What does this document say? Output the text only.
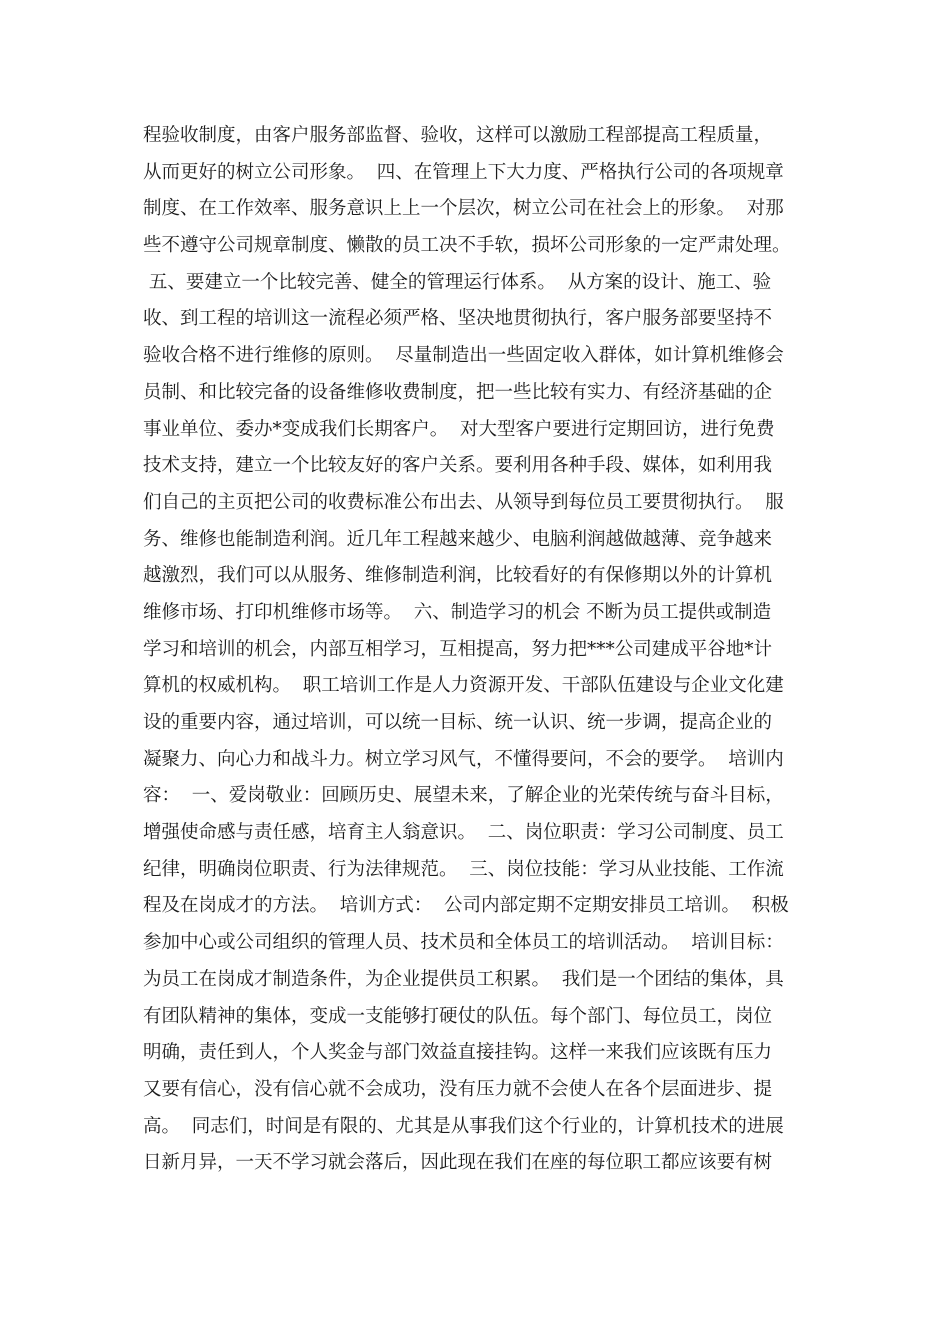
程验收制度，由客户服务部监督、验收，这样可以激励工程部提高工程质量，
从而更好的树立公司形象。  四、在管理上下大力度、严格执行公司的各项规章
制度、在工作效率、服务意识上上一个层次，树立公司在社会上的形象。  对那
些不遵守公司规章制度、懒散的员工决不手软，损坏公司形象的一定严肃处理。
五、要建立一个比较完善、健全的管理运行体系。  从方案的设计、施工、验
收、到工程的培训这一流程必须严格、坚决地贯彻执行，客户服务部要坚持不
验收合格不进行维修的原则。  尽量制造出一些固定收入群体，如计算机维修会
员制、和比较完备的设备维修收费制度，把一些比较有实力、有经济基础的企
事业单位、委办*变成我们长期客户。  对大型客户要进行定期回访，进行免费
技术支持，建立一个比较友好的客户关系。要利用各种手段、媒体，如利用我
们自己的主页把公司的收费标准公布出去、从领导到每位员工要贯彻执行。  服
务、维修也能制造利润。近几年工程越来越少、电脑利润越做越薄、竞争越来
越激烈，我们可以从服务、维修制造利润，比较看好的有保修期以外的计算机
维修市场、打印机维修市场等。  六、制造学习的机会 不断为员工提供或制造
学习和培训的机会，内部互相学习，互相提高，努力把***公司建成平谷地*计
算机的权威机构。  职工培训工作是人力资源开发、干部队伍建设与企业文化建
设的重要内容，通过培训，可以统一目标、统一认识、统一步调，提高企业的
凝聚力、向心力和战斗力。树立学习风气，不懂得要问，不会的要学。  培训内
容：  一、爱岗敬业：回顾历史、展望未来，了解企业的光荣传统与奋斗目标，
增强使命感与责任感，培育主人翁意识。  二、岗位职责：学习公司制度、员工
纪律，明确岗位职责、行为法律规范。  三、岗位技能：学习从业技能、工作流
程及在岗成才的方法。  培训方式：  公司内部定期不定期安排员工培训。  积极
参加中心或公司组织的管理人员、技术员和全体员工的培训活动。  培训目标：
为员工在岗成才制造条件，为企业提供员工积累。  我们是一个团结的集体，具
有团队精神的集体，变成一支能够打硬仗的队伍。每个部门、每位员工，岗位
明确，责任到人，个人奖金与部门效益直接挂钩。这样一来我们应该既有压力
又要有信心，没有信心就不会成功，没有压力就不会使人在各个层面进步、提
高。  同志们，时间是有限的、尤其是从事我们这个行业的，计算机技术的进展
日新月异，一天不学习就会落后，因此现在我们在座的每位职工都应该要有树
